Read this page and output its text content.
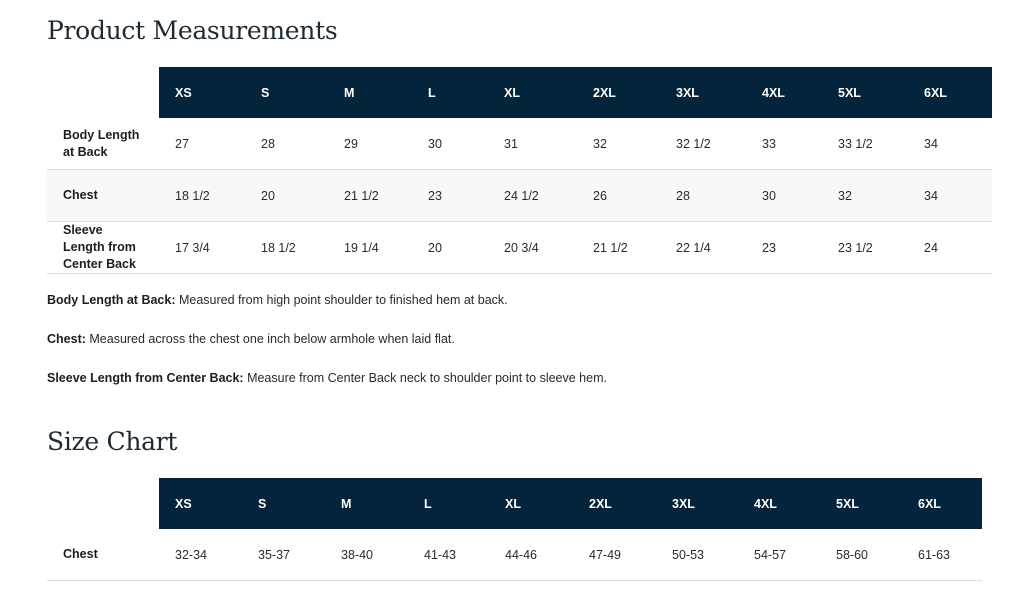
Product Measurements
	XS	S	M	L	XL	2XL	3XL	4XL	5XL	6XL
Body Length at Back	27	28	29	30	31	32	32 1/2	33	33 1/2	34
Chest	18 1/2	20	21 1/2	23	24 1/2	26	28	30	32	34
Sleeve Length from Center Back	17 3/4	18 1/2	19 1/4	20	20 3/4	21 1/2	22 1/4	23	23 1/2	24

Body Length at Back: Measured from high point shoulder to finished hem at back.

Chest: Measured across the chest one inch below armhole when laid flat.

Sleeve Length from Center Back: Measure from Center Back neck to shoulder point to sleeve hem.

Size Chart
	XS	S	M	L	XL	2XL	3XL	4XL	5XL	6XL
Chest	32-34	35-37	38-40	41-43	44-46	47-49	50-53	54-57	58-60	61-63
